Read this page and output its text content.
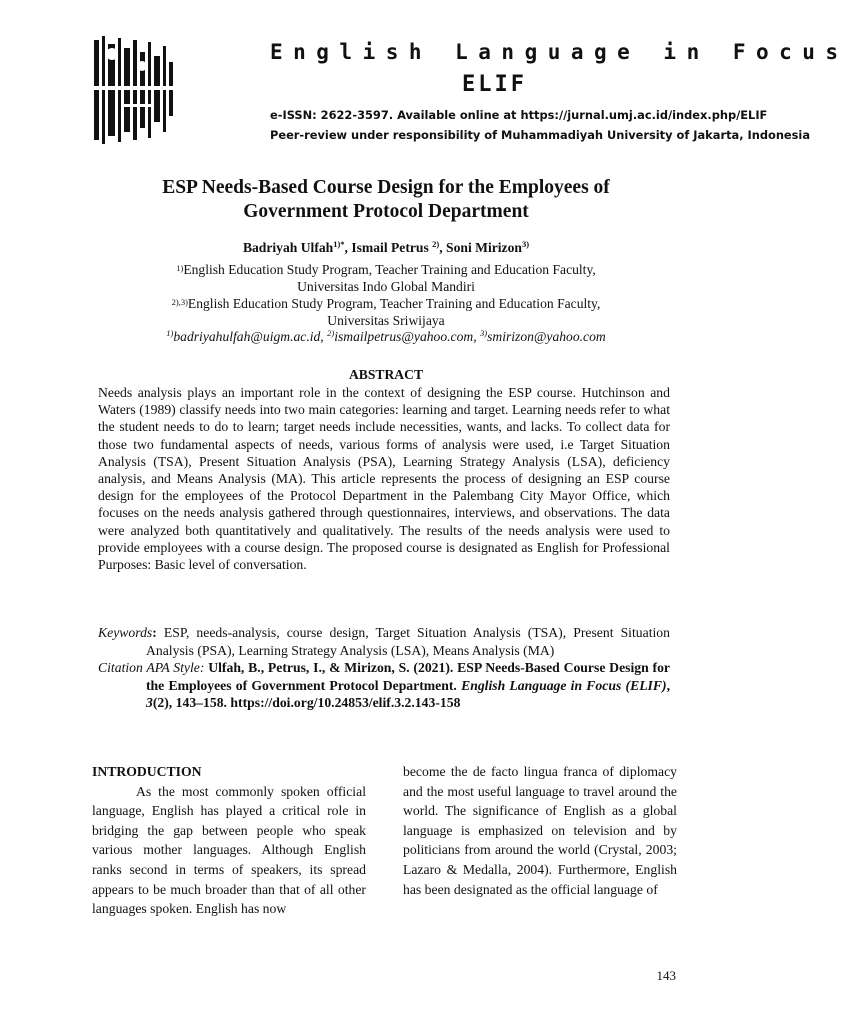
English Language in Focus
ELIF
e-ISSN: 2622-3597. Available online at https://jurnal.umj.ac.id/index.php/ELIF
Peer-review under responsibility of Muhammadiyah University of Jakarta, Indonesia
ESP Needs-Based Course Design for the Employees of
Government Protocol Department
Badriyah Ulfah$^{1)*}$, Ismail Petrus $^{2)}$, Soni Mirizon$^{3)}$
$^{1)}$English Education Study Program, Teacher Training and Education Faculty,
Universitas Indo Global Mandiri
$^{2),3)}$English Education Study Program, Teacher Training and Education Faculty,
Universitas Sriwijaya
$^{1)}$badriyahulfah@uigm.ac.id, $^{2)}$ismailpetrus@yahoo.com, $^{3)}$smirizon@yahoo.com
ABSTRACT

Needs analysis plays an important role in the context of designing the ESP course. Hutchinson and Waters (1989) classify needs into two main categories: learning and target. Learning needs refer to what the student needs to do to learn; target needs include necessities, wants, and lacks. To collect data for those two fundamental aspects of needs, various forms of analysis were used, i.e Target Situation Analysis (TSA), Present Situation Analysis (PSA), Learning Strategy Analysis (LSA), deficiency analysis, and Means Analysis (MA). This article represents the process of designing an ESP course design for the employees of the Protocol Department in the Palembang City Mayor Office, which focuses on the needs analysis gathered through questionnaires, interviews, and observations. The data were analyzed both quantitatively and qualitatively. The results of the needs analysis were used to provide employees with a course design. The proposed course is designated as English for Professional Purposes: Basic level of conversation.

Keywords: ESP, needs-analysis, course design, Target Situation Analysis (TSA), Present Situation Analysis (PSA), Learning Strategy Analysis (LSA), Means Analysis (MA)

Citation APA Style: Ulfah, B., Petrus, I., & Mirizon, S. (2021). ESP Needs-Based Course Design for the Employees of Government Protocol Department. English Language in Focus (ELIF), 3(2), 143–158. https://doi.org/10.24853/elif.3.2.143-158

INTRODUCTION

As the most commonly spoken official language, English has played a critical role in bridging the gap between people who speak various mother languages. Although English ranks second in terms of speakers, its spread appears to be much broader than that of all other languages spoken. English has now

become the de facto lingua franca of diplomacy and the most useful language to travel around the world. The significance of English as a global language is emphasized on television and by politicians from around the world (Crystal, 2003; Lazaro & Medalla, 2004). Furthermore, English has been designated as the official language of

143
